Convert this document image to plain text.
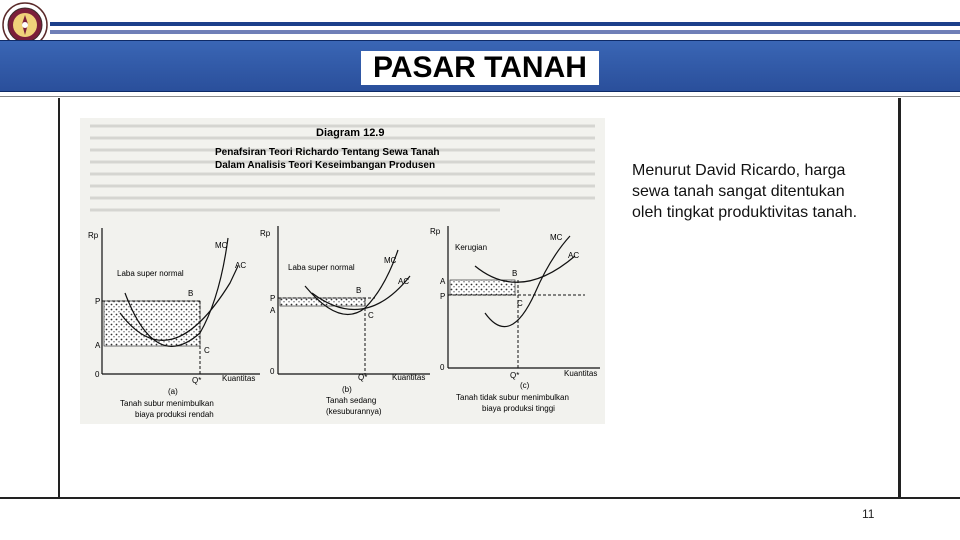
PASAR TANAH
Diagram 12.9
Penafsiran Teori Richardo Tentang Sewa Tanah
Dalam Analisis Teori Keseimbangan Produsen
Rp
MC
AC
Laba super normal
P
A
B
C
0
Q*	Kuantitas
(a)
Tanah subur menimbulkan
biaya produksi rendah
Rp
MC
AC
Laba super normal
P
A
B
C
0
Q*	Kuantitas
(b)
Tanah sedang
(kesuburannya)
Rp
MC
AC
Kerugian
A
P
B
C
0
Q*	Kuantitas
(c)
Tanah tidak subur menimbulkan
biaya produksi tinggi
Menurut David Ricardo, harga sewa tanah sangat ditentukan oleh tingkat produktivitas tanah.
11
